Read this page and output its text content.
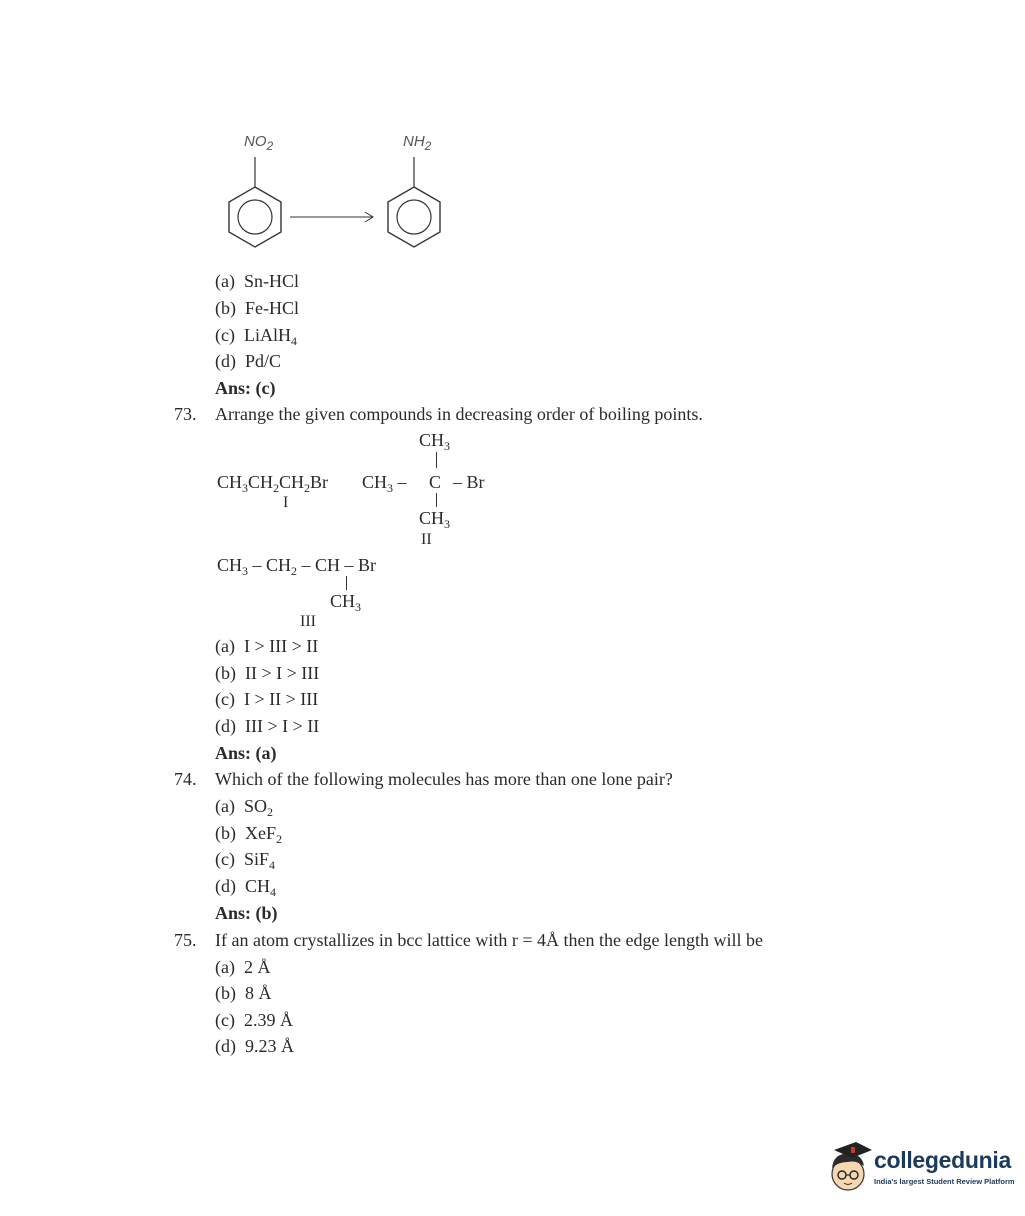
$NO_2$	$NH_2$
(a) Sn-HCl
(b) Fe-HCl
(c) LiAlH$_4$
(d) Pd/C
Ans: (c)
73. Arrange the given compounds in decreasing order of boiling points.
$CH_3CH_2CH_2Br$
I
$CH_3$
$CH_3$ – C – Br
$CH_3$
II
$CH_3 - CH_2$ – CH – Br
$CH_3$
III
(a) I > III > II
(b) II > I > III
(c) I > II > III
(d) III > I > II
Ans: (a)
74. Which of the following molecules has more than one lone pair?
(a) $SO_2$
(b) XeF$_2$
(c) SiF$_4$
(d) $CH_4$
Ans: (b)
75. If an atom crystallizes in bcc lattice with r = 4Å then the edge length will be
(a) 2 Å
(b) 8 Å
(c) 2.39 Å
(d) 9.23 Å
collegedunia
India's largest Student Review Platform
